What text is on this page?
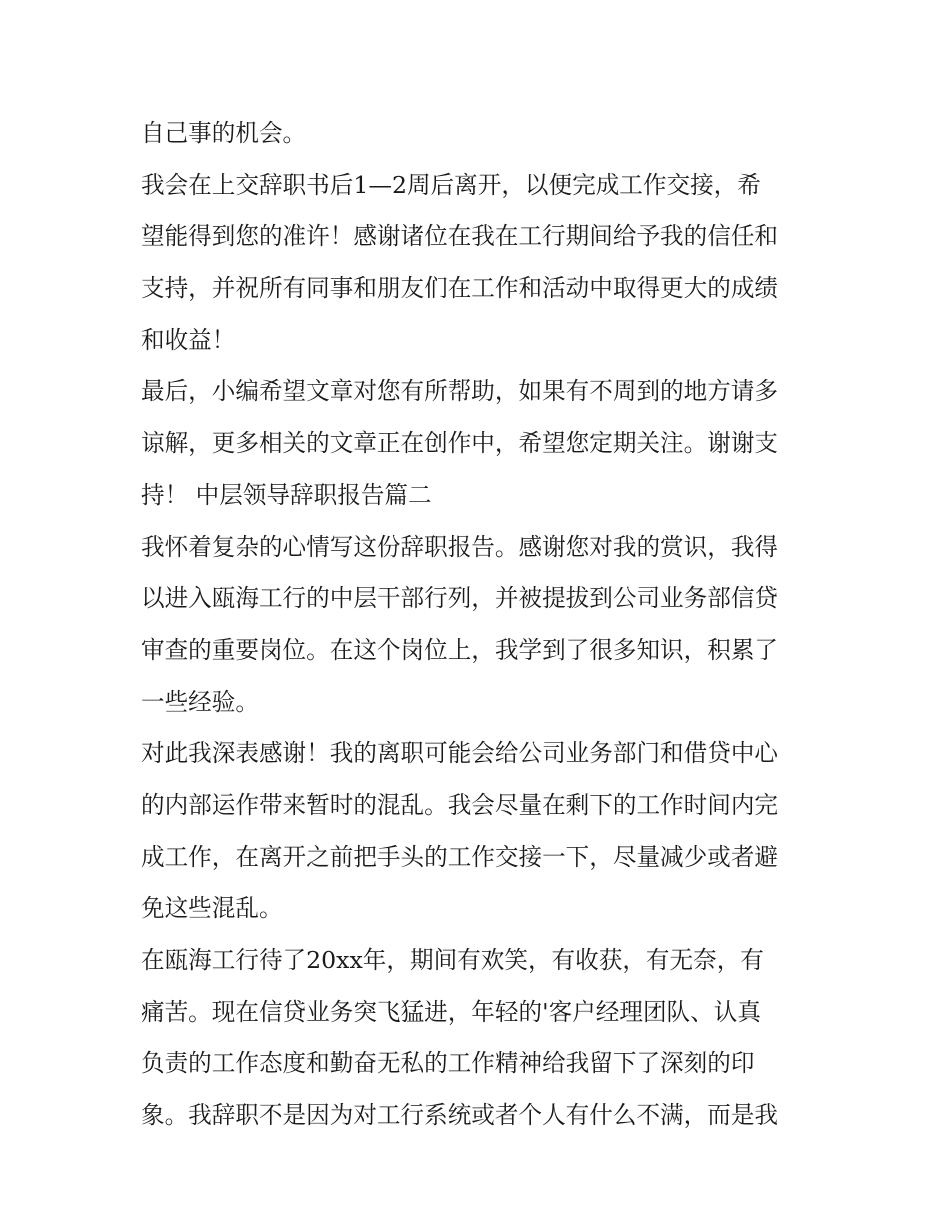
自己事的机会。
我会在上交辞职书后1—2周后离开，以便完成工作交接，希
望能得到您的准许！感谢诸位在我在工行期间给予我的信任和
支持，并祝所有同事和朋友们在工作和活动中取得更大的成绩
和收益！
最后，小编希望文章对您有所帮助，如果有不周到的地方请多
谅解，更多相关的文章正在创作中，希望您定期关注。谢谢支
持！ 中层领导辞职报告篇二
我怀着复杂的心情写这份辞职报告。感谢您对我的赏识，我得
以进入瓯海工行的中层干部行列，并被提拔到公司业务部信贷
审查的重要岗位。在这个岗位上，我学到了很多知识，积累了
一些经验。
对此我深表感谢！我的离职可能会给公司业务部门和借贷中心
的内部运作带来暂时的混乱。我会尽量在剩下的工作时间内完
成工作，在离开之前把手头的工作交接一下，尽量减少或者避
免这些混乱。
在瓯海工行待了20xx年，期间有欢笑，有收获，有无奈，有
痛苦。现在信贷业务突飞猛进，年轻的'客户经理团队、认真
负责的工作态度和勤奋无私的工作精神给我留下了深刻的印
象。我辞职不是因为对工行系统或者个人有什么不满，而是我
